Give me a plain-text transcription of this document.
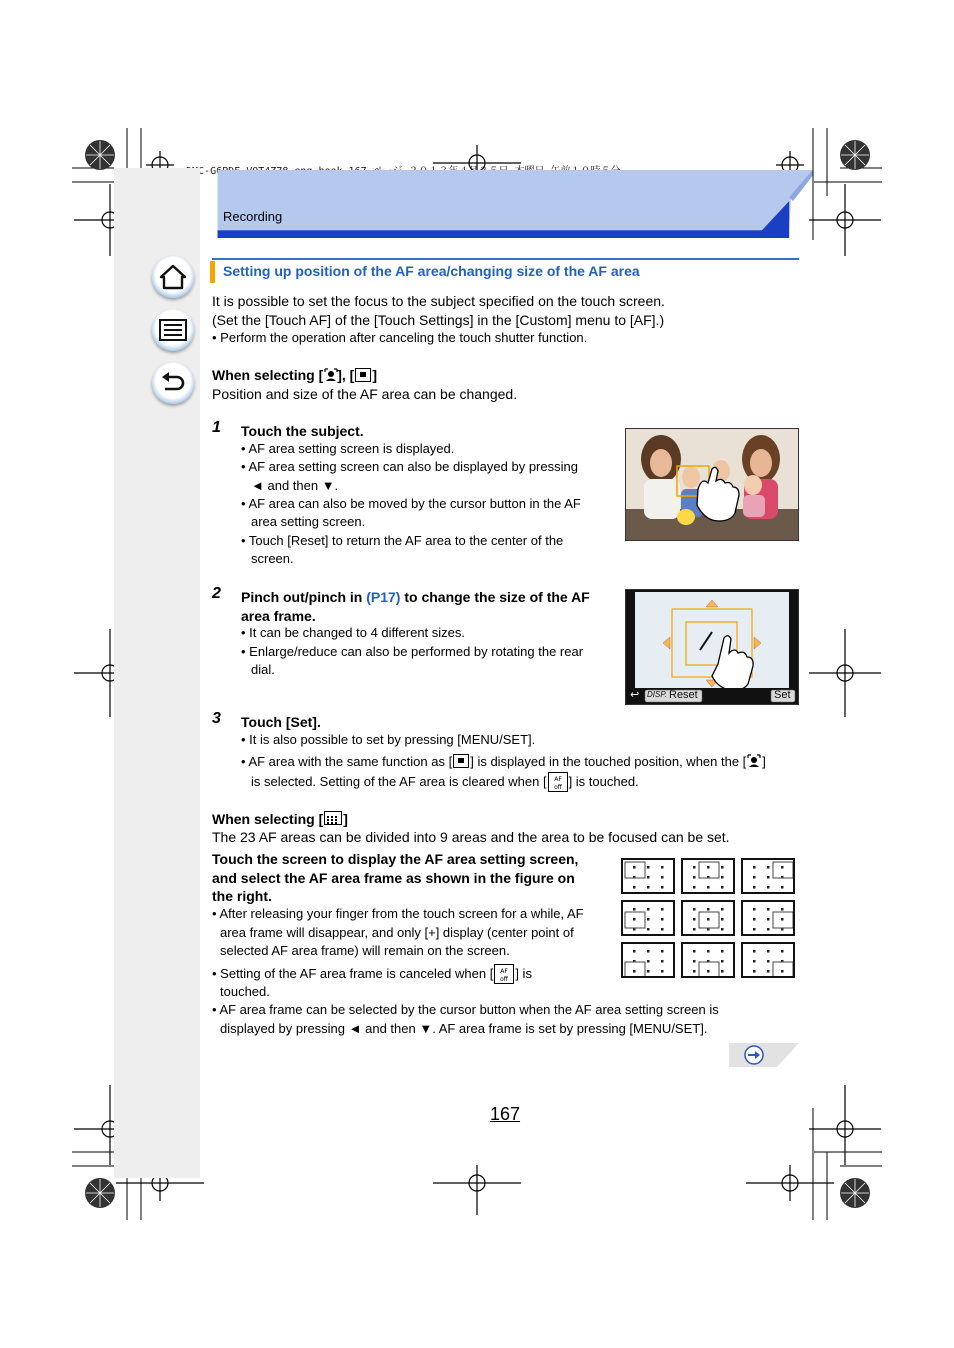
Recording
Setting up position of the AF area/changing size of the AF area
It is possible to set the focus to the subject specified on the touch screen.
(Set the [Touch AF] of the [Touch Settings] in the [Custom] menu to [AF].)
• Perform the operation after canceling the touch shutter function.
When selecting [ ], [ ]
Position and size of the AF area can be changed.
1 Touch the subject.
• AF area setting screen is displayed.
• AF area setting screen can also be displayed by pressing
◄ and then ▼.
• AF area can also be moved by the cursor button in the AF
area setting screen.
• Touch [Reset] to return the AF area to the center of the
screen.
2 Pinch out/pinch in (P17) to change the size of the AF
area frame.
• It can be changed to 4 different sizes.
• Enlarge/reduce can also be performed by rotating the rear
dial.
↩ DISP. Reset	Set
3 Touch [Set].
• It is also possible to set by pressing [MENU/SET].
• AF area with the same function as [ ] is displayed in the touched position, when the [ ]
is selected. Setting of the AF area is cleared when [ AF
off ] is touched.
When selecting [ ]
The 23 AF areas can be divided into 9 areas and the area to be focused can be set.
Touch the screen to display the AF area setting screen,
and select the AF area frame as shown in the figure on
the right.
• After releasing your finger from the touch screen for a while, AF
area frame will disappear, and only [+] display (center point of
selected AF area frame) will remain on the screen.
• Setting of the AF area frame is canceled when [ AF
off ] is
touched.
• AF area frame can be selected by the cursor button when the AF area setting screen is
displayed by pressing ◄ and then ▼. AF area frame is set by pressing [MENU/SET].
167
